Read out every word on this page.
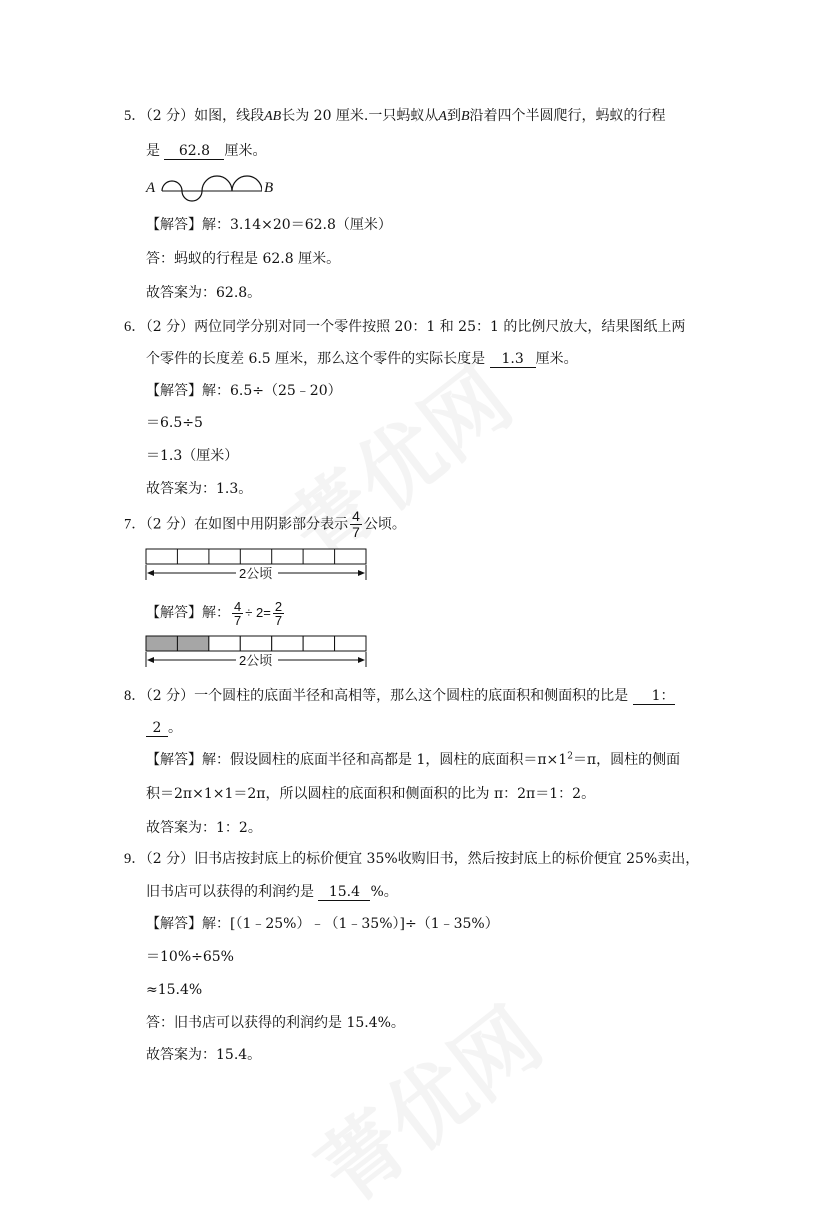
5．（2 分）如图，线段AB长为 20 厘米.一只蚂蚁从A到B沿着四个半圆爬行，蚂蚁的行程
是 62.8 厘米。
A	B
【解答】解：3.14×20＝62.8（厘米）
答：蚂蚁的行程是 62.8 厘米。
故答案为：62.8。
6．（2 分）两位同学分别对同一个零件按照 20：1 和 25：1 的比例尺放大，结果图纸上两
个零件的长度差 6.5 厘米，那么这个零件的实际长度是 1.3 厘米。
【解答】解：6.5÷（25﹣20）
＝6.5÷5
＝1.3（厘米）
故答案为：1.3。
7．（2 分）在如图中用阴影部分表示 $\frac{4}{7}$ 公顷。
2公顷
【解答】解： $\frac{4}{7} \div 2= \frac{2}{7}$
2公顷
8．（2 分）一个圆柱的底面半径和高相等，那么这个圆柱的底面积和侧面积的比是 1：
2 。
【解答】解：假设圆柱的底面半径和高都是 1，圆柱的底面积$=\pi\times 1^2=\pi$，圆柱的侧面
积＝2π×1×1＝2π，所以圆柱的底面积和侧面积的比为 π：2π＝1：2。
故答案为：1：2。
9．（2 分）旧书店按封底上的标价便宜 35%收购旧书，然后按封底上的标价便宜 25%卖出，
旧书店可以获得的利润约是 15.4 %。
【解答】解：[（1﹣25%）﹣（1﹣35%）]÷（1﹣35%）
＝10%÷65%
≈15.4%
答：旧书店可以获得的利润约是 15.4%。
故答案为：15.4。
